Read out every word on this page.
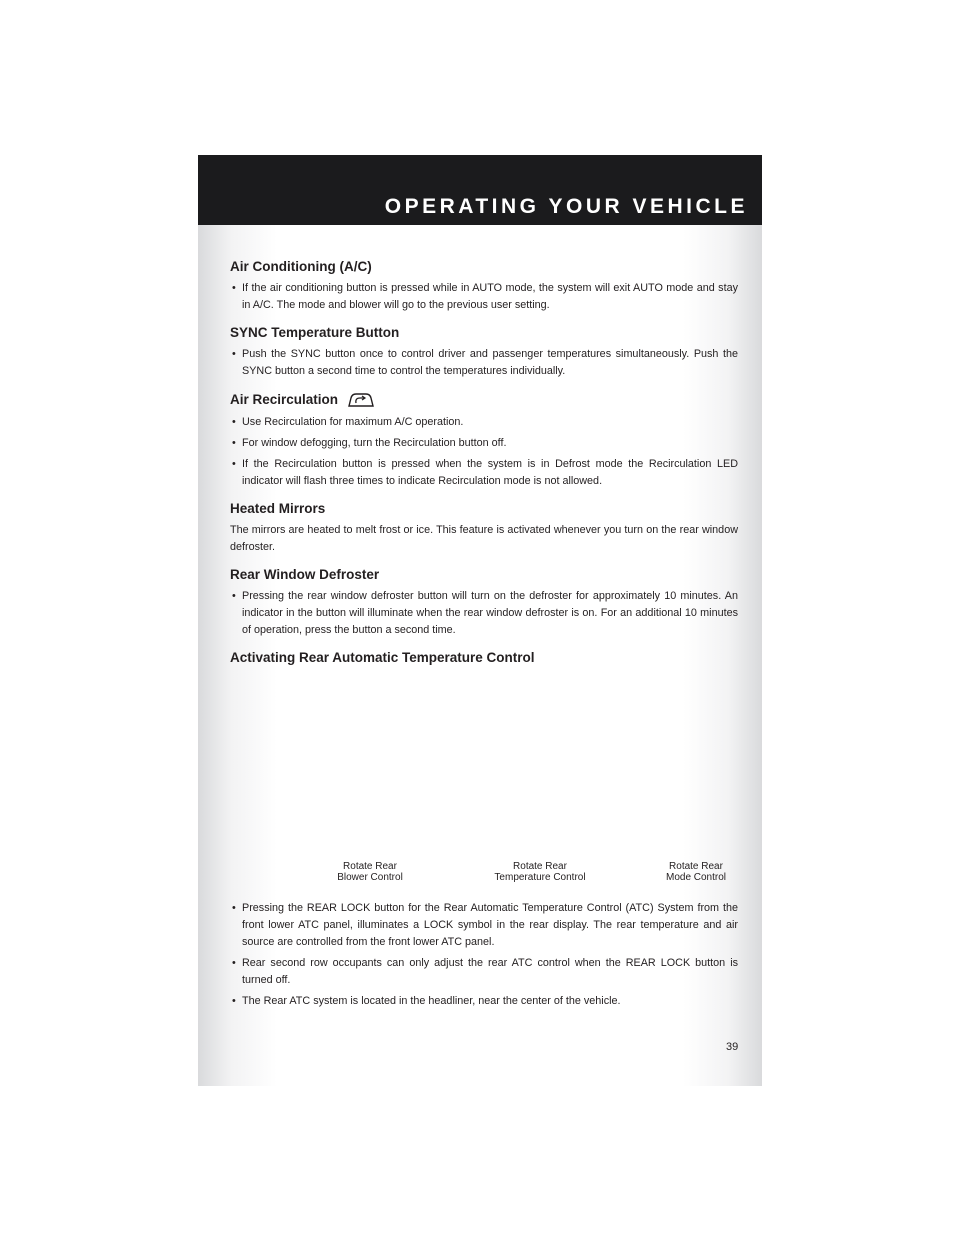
OPERATING YOUR VEHICLE
Air Conditioning (A/C)
• If the air conditioning button is pressed while in AUTO mode, the system will exit AUTO mode and stay in A/C. The mode and blower will go to the previous user setting.
SYNC Temperature Button
• Push the SYNC button once to control driver and passenger temperatures simultaneously. Push the SYNC button a second time to control the temperatures individually.
Air Recirculation
• Use Recirculation for maximum A/C operation.
• For window defogging, turn the Recirculation button off.
• If the Recirculation button is pressed when the system is in Defrost mode the Recirculation LED indicator will flash three times to indicate Recirculation mode is not allowed.
Heated Mirrors

The mirrors are heated to melt frost or ice. This feature is activated whenever you turn on the rear window defroster.

Rear Window Defroster
• Pressing the rear window defroster button will turn on the defroster for approximately 10 minutes. An indicator in the button will illuminate when the rear window defroster is on. For an additional 10 minutes of operation, press the button a second time.
Activating Rear Automatic Temperature Control
Rotate Rear
Blower Control
Rotate Rear
Temperature Control
Rotate Rear
Mode Control
• Pressing the REAR LOCK button for the Rear Automatic Temperature Control (ATC) System from the front lower ATC panel, illuminates a LOCK symbol in the rear display. The rear temperature and air source are controlled from the front lower ATC panel.
• Rear second row occupants can only adjust the rear ATC control when the REAR LOCK button is turned off.
• The Rear ATC system is located in the headliner, near the center of the vehicle.
39
